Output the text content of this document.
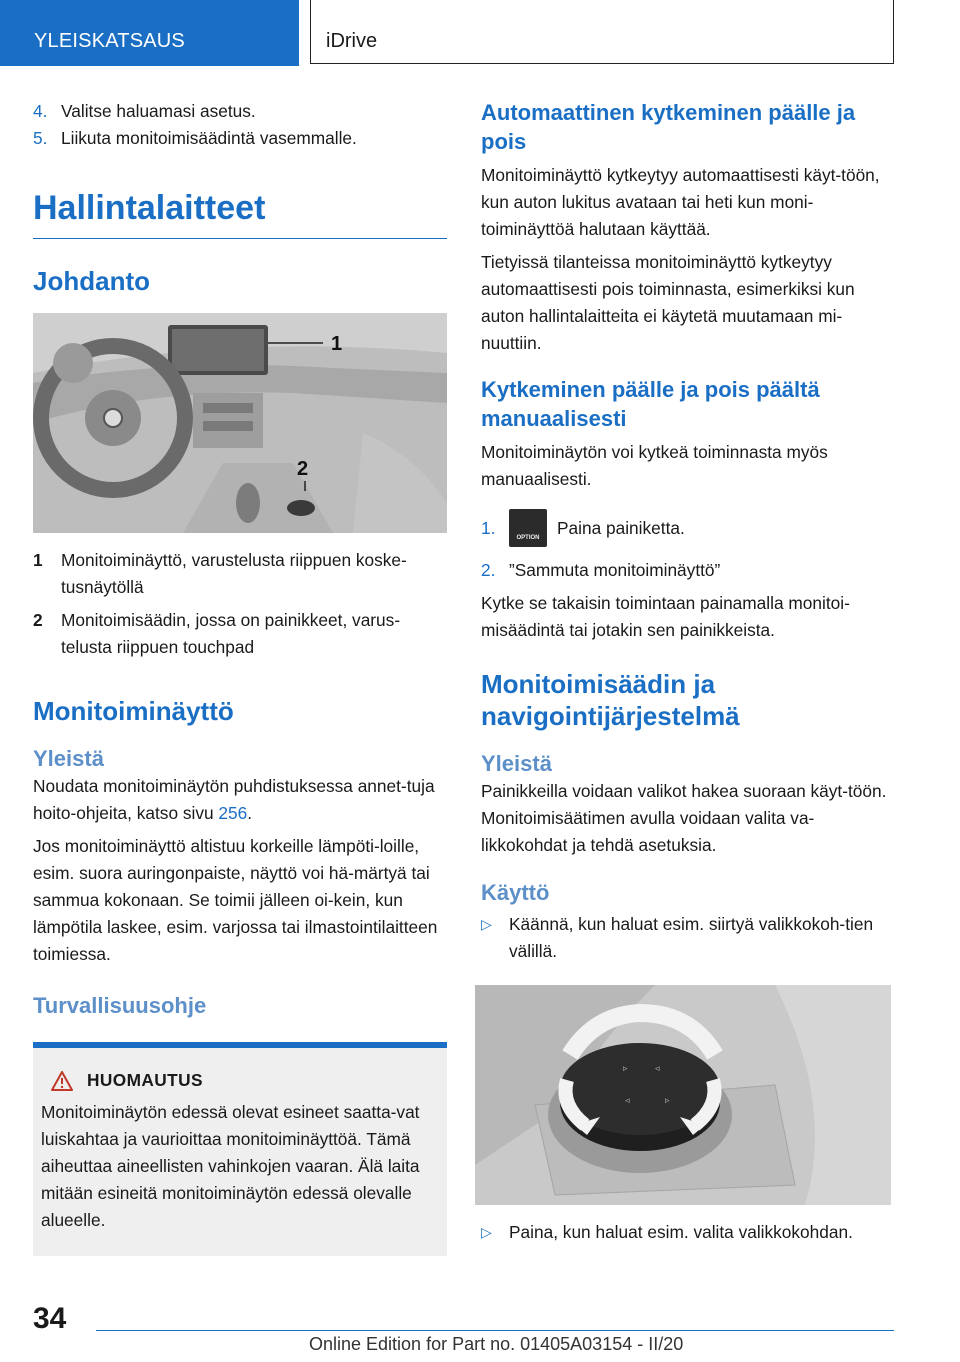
YLEISKATSAUS	iDrive
4. Valitse haluamasi asetus.
5. Liikuta monitoimisäädintä vasemmalle.
Hallintalaitteet
Johdanto
1
2
1	Monitoiminäyttö, varustelusta riippuen koske-tusnäytöllä
2	Monitoimisäädin, jossa on painikkeet, varus-telusta riippuen touchpad
Monitoiminäyttö
Yleistä

Noudata monitoiminäytön puhdistuksessa annet-tuja hoito-ohjeita, katso sivu 256.

Jos monitoiminäyttö altistuu korkeille lämpöti-loille, esim. suora auringonpaiste, näyttö voi hä-märtyä tai sammua kokonaan. Se toimii jälleen oi-kein, kun lämpötila laskee, esim. varjossa tai ilmastointilaitteen toimiessa.

Turvallisuusohje
HUOMAUTUS

Monitoiminäytön edessä olevat esineet saatta-vat luiskahtaa ja vaurioittaa monitoiminäyttöä. Tämä aiheuttaa aineellisten vahinkojen vaaran. Älä laita mitään esineitä monitoiminäytön edessä olevalle alueelle.

Automaattinen kytkeminen päälle ja pois

Monitoiminäyttö kytkeytyy automaattisesti käyt-töön, kun auton lukitus avataan tai heti kun moni-toiminäyttöä halutaan käyttää.

Tietyissä tilanteissa monitoiminäyttö kytkeytyy automaattisesti pois toiminnasta, esimerkiksi kun auton hallintalaitteita ei käytetä muutamaan mi-nuuttiin.

Kytkeminen päälle ja pois päältä manuaalisesti

Monitoiminäytön voi kytkeä toiminnasta myös manuaalisesti.

1.
OPTION
Paina painiketta.
2. ”Sammuta monitoiminäyttö”

Kytke se takaisin toimintaan painamalla monitoi-misäädintä tai jotakin sen painikkeista.

Monitoimisäädin ja navigointijärjestelmä
Yleistä

Painikkeilla voidaan valikot hakea suoraan käyt-töön. Monitoimisäätimen avulla voidaan valita va-likkokohdat ja tehdä asetuksia.

Käyttö
▷ Käännä, kun haluat esim. siirtyä valikkokoh-tien välillä.
▹	◃
◃	▹
▷ Paina, kun haluat esim. valita valikkokohdan.
34
Online Edition for Part no. 01405A03154 - II/20
